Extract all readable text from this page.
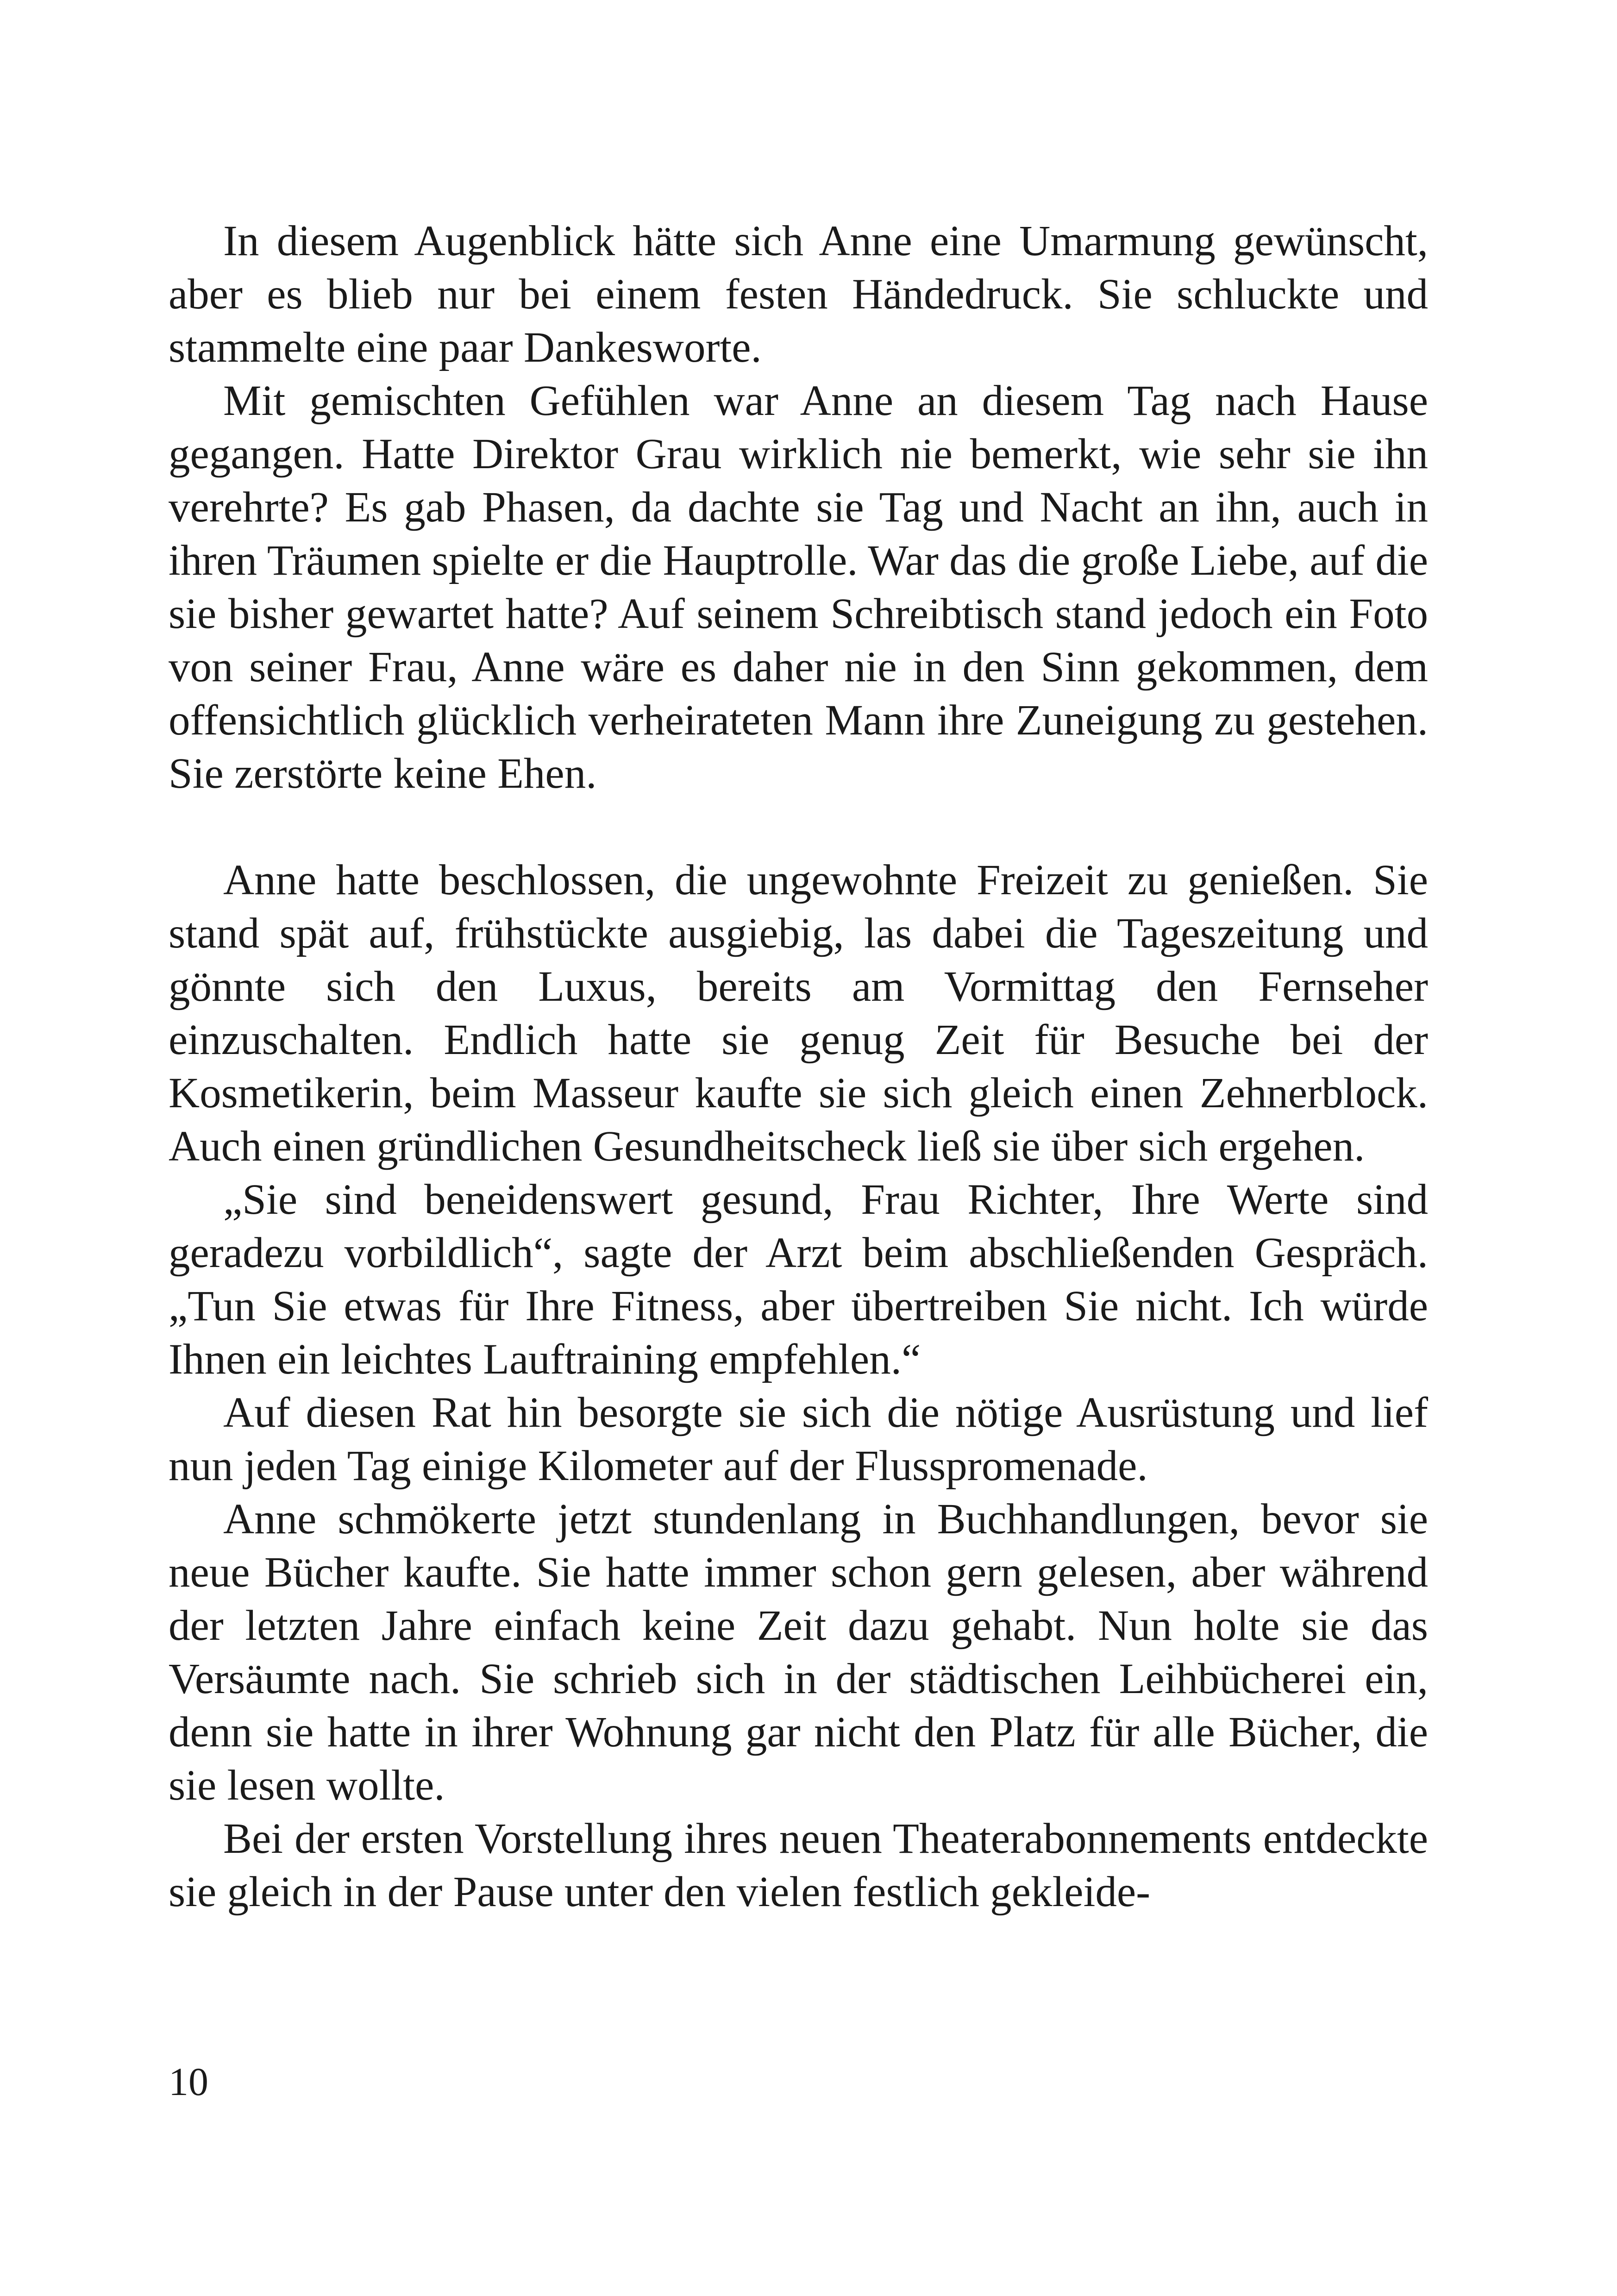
In diesem Augenblick hätte sich Anne eine Umarmung gewünscht, aber es blieb nur bei einem festen Händedruck. Sie schluckte und stammelte eine paar Dankesworte.

Mit gemischten Gefühlen war Anne an diesem Tag nach Hause gegangen. Hatte Direktor Grau wirklich nie bemerkt, wie sehr sie ihn verehrte? Es gab Phasen, da dachte sie Tag und Nacht an ihn, auch in ihren Träumen spielte er die Hauptrolle. War das die große Liebe, auf die sie bisher gewartet hatte? Auf seinem Schreibtisch stand jedoch ein Foto von seiner Frau, Anne wäre es daher nie in den Sinn gekommen, dem offensichtlich glücklich verheirateten Mann ihre Zuneigung zu gestehen. Sie zerstörte keine Ehen.

Anne hatte beschlossen, die ungewohnte Freizeit zu genießen. Sie stand spät auf, frühstückte ausgiebig, las dabei die Tageszeitung und gönnte sich den Luxus, bereits am Vormittag den Fernseher einzuschalten. Endlich hatte sie genug Zeit für Besuche bei der Kosmetikerin, beim Masseur kaufte sie sich gleich einen Zehnerblock. Auch einen gründlichen Gesundheitscheck ließ sie über sich ergehen.

„Sie sind beneidenswert gesund, Frau Richter, Ihre Werte sind geradezu vorbildlich“, sagte der Arzt beim abschließenden Gespräch. „Tun Sie etwas für Ihre Fitness, aber übertreiben Sie nicht. Ich würde Ihnen ein leichtes Lauftraining empfehlen.“

Auf diesen Rat hin besorgte sie sich die nötige Ausrüstung und lief nun jeden Tag einige Kilometer auf der Flusspromenade.

Anne schmökerte jetzt stundenlang in Buchhandlungen, bevor sie neue Bücher kaufte. Sie hatte immer schon gern gelesen, aber während der letzten Jahre einfach keine Zeit dazu gehabt. Nun holte sie das Versäumte nach. Sie schrieb sich in der städtischen Leihbücherei ein, denn sie hatte in ihrer Wohnung gar nicht den Platz für alle Bücher, die sie lesen wollte.

Bei der ersten Vorstellung ihres neuen Theaterabonnements entdeckte sie gleich in der Pause unter den vielen festlich gekleide-

10
